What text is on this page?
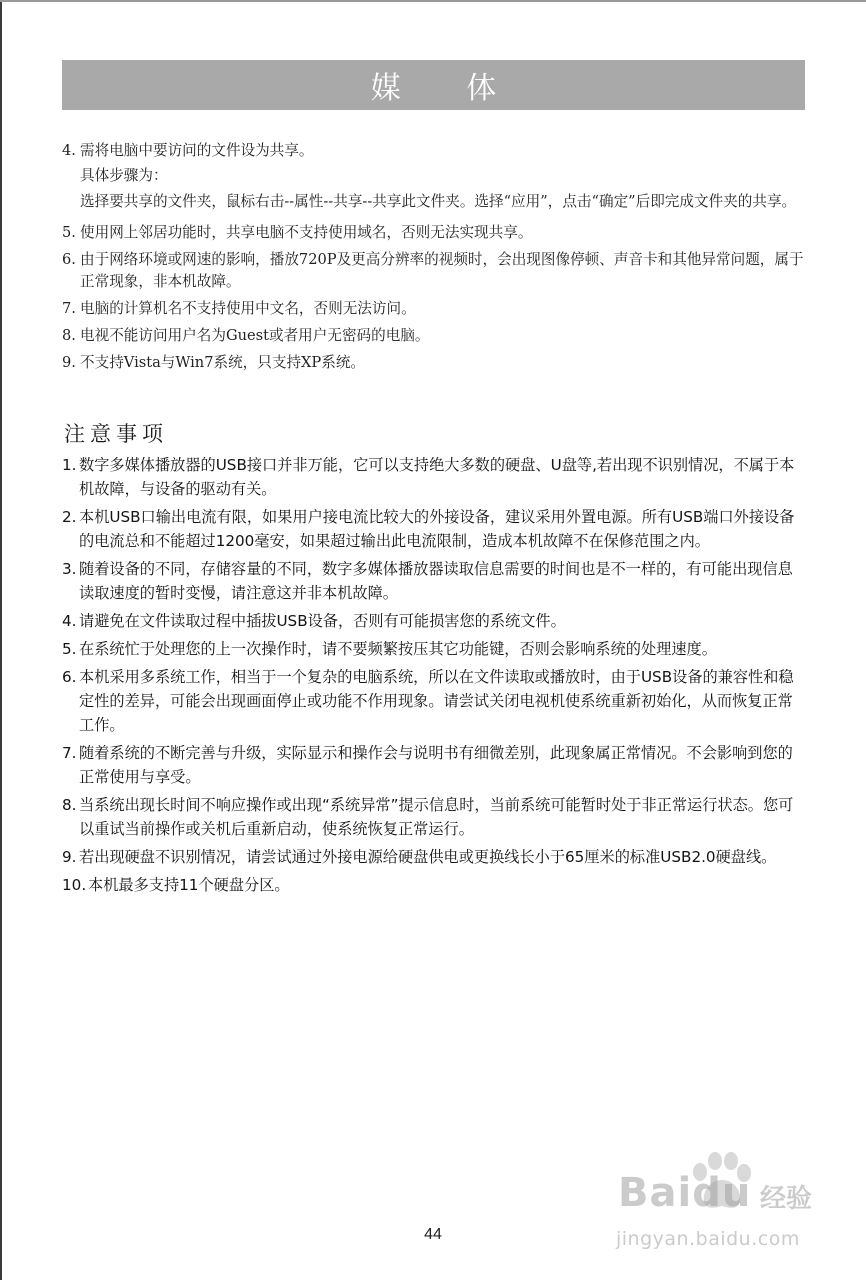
媒 体
4. 需将电脑中要访问的文件设为共享。

具体步骤为：

选择要共享的文件夹，鼠标右击--属性--共享--共享此文件夹。选择“应用”，点击“确定”后即完成文件夹的共享。

5. 使用网上邻居功能时，共享电脑不支持使用域名，否则无法实现共享。
6. 由于网络环境或网速的影响，播放720P及更高分辨率的视频时，会出现图像停顿、声音卡和其他异常问题，属于正常现象，非本机故障。
7. 电脑的计算机名不支持使用中文名，否则无法访问。
8. 电视不能访问用户名为Guest或者用户无密码的电脑。
9. 不支持Vista与Win7系统，只支持XP系统。
注意事项
1. 数字多媒体播放器的USB接口并非万能，它可以支持绝大多数的硬盘、U盘等,若出现不识别情况，不属于本机故障，与设备的驱动有关。
2. 本机USB口输出电流有限，如果用户接电流比较大的外接设备，建议采用外置电源。所有USB端口外接设备的电流总和不能超过1200毫安，如果超过输出此电流限制，造成本机故障不在保修范围之内。
3. 随着设备的不同，存储容量的不同，数字多媒体播放器读取信息需要的时间也是不一样的，有可能出现信息读取速度的暂时变慢，请注意这并非本机故障。
4. 请避免在文件读取过程中插拔USB设备，否则有可能损害您的系统文件。
5. 在系统忙于处理您的上一次操作时，请不要频繁按压其它功能键，否则会影响系统的处理速度。
6. 本机采用多系统工作，相当于一个复杂的电脑系统，所以在文件读取或播放时，由于USB设备的兼容性和稳定性的差异，可能会出现画面停止或功能不作用现象。请尝试关闭电视机使系统重新初始化，从而恢复正常工作。
7. 随着系统的不断完善与升级，实际显示和操作会与说明书有细微差别，此现象属正常情况。不会影响到您的正常使用与享受。
8. 当系统出现长时间不响应操作或出现“系统异常”提示信息时，当前系统可能暂时处于非正常运行状态。您可以重试当前操作或关机后重新启动，使系统恢复正常运行。
9. 若出现硬盘不识别情况，请尝试通过外接电源给硬盘供电或更换线长小于65厘米的标准USB2.0硬盘线。
10. 本机最多支持11个硬盘分区。
Baidu 经验
jingyan.baidu.com
44
